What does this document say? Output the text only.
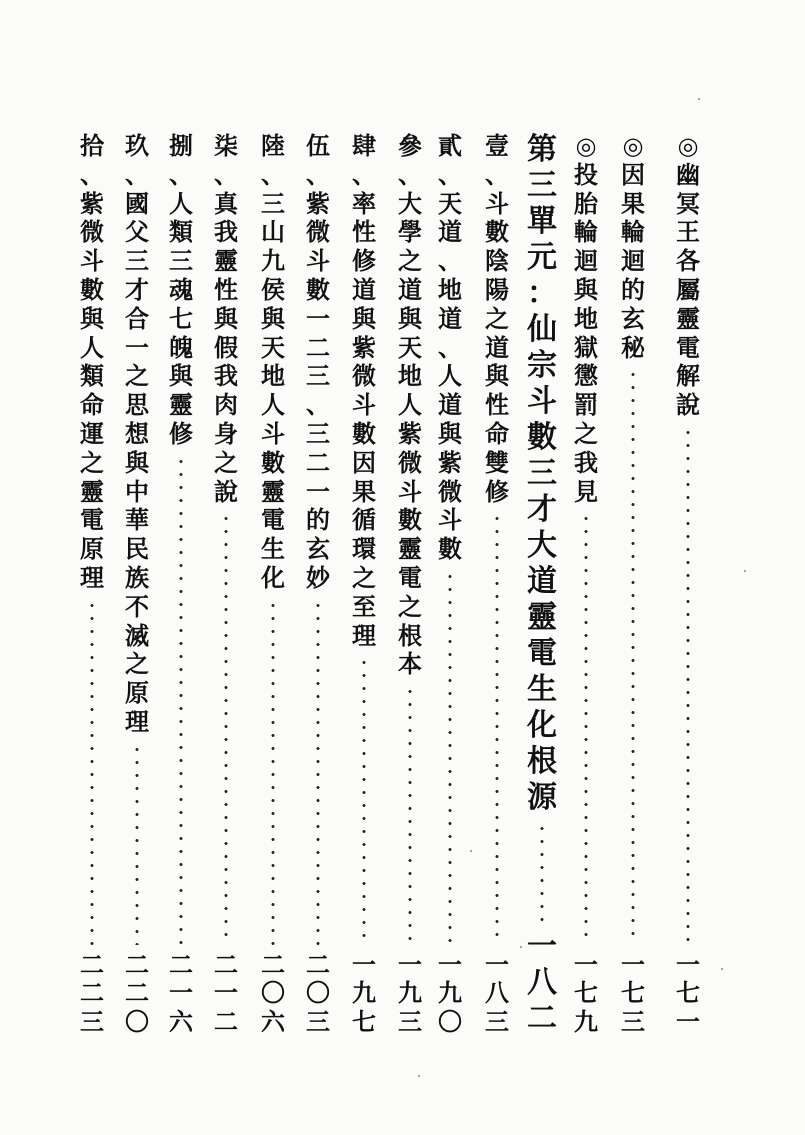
◎
幽
冥
王
各
屬
靈
電
解
說
一
七
一
◎
因
果
輪
迴
的
玄
秘
一
七
三
◎
投
胎
輪
迴
與
地
獄
懲
罰
之
我
見
一
七
九
第
三
單
元
：
仙
宗
斗
數
三
才
大
道
靈
電
生
化
根
源
一
八
二
壹
、
斗
數
陰
陽
之
道
與
性
命
雙
修
一
八
三
貳
、
天
道
、
地
道
、
人
道
與
紫
微
斗
數
一
九
〇
參
、
大
學
之
道
與
天
地
人
紫
微
斗
數
靈
電
之
根
本
一
九
三
肆
、
率
性
修
道
與
紫
微
斗
數
因
果
循
環
之
至
理
一
九
七
伍
、
紫
微
斗
數
一
二
三
、
三
二
一
的
玄
妙
二
〇
三
陸
、
三
山
九
侯
與
天
地
人
斗
數
靈
電
生
化
二
〇
六
柒
、
真
我
靈
性
與
假
我
肉
身
之
說
二
一
二
捌
、
人
類
三
魂
七
魄
與
靈
修
二
一
六
玖
、
國
父
三
才
合
一
之
思
想
與
中
華
民
族
不
滅
之
原
理
二
二
〇
拾
、
紫
微
斗
數
與
人
類
命
運
之
靈
電
原
理
二
二
三
